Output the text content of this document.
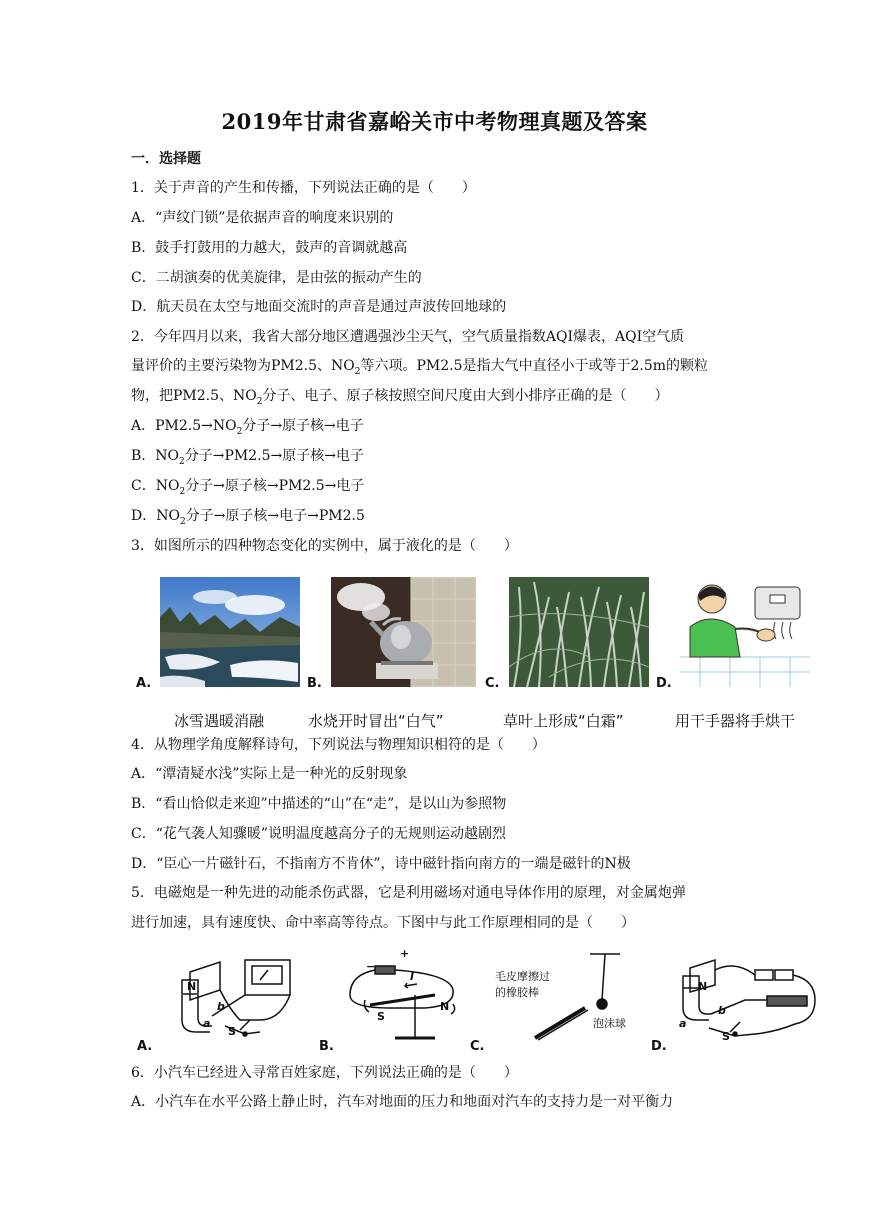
2019年甘肃省嘉峪关市中考物理真题及答案
一．选择题
1．关于声音的产生和传播，下列说法正确的是（　　）
A．“声纹门锁”是依据声音的响度来识别的
B．鼓手打鼓用的力越大，鼓声的音调就越高
C．二胡演奏的优美旋律，是由弦的振动产生的
D．航天员在太空与地面交流时的声音是通过声波传回地球的
2．今年四月以来，我省大部分地区遭遇强沙尘天气，空气质量指数AQI爆表，AQI空气质
量评价的主要污染物为PM2.5、$NO_2$等六项。PM2.5是指大气中直径小于或等于2.5m的颗粒
物，把PM2.5、$NO_2$分子、电子、原子核按照空间尺度由大到小排序正确的是（　　）
A．$PM2.5\to NO_2$分子→原子核→电子
B．$NO_2$分子→PM2.5→原子核→电子
C．$NO_2$分子→原子核→PM2.5→电子
D．$NO_2$分子→原子核→电子→PM2.5
3．如图所示的四种物态变化的实例中，属于液化的是（　　）
A.	B.	C.	D.
冰雪遇暖消融	水烧开时冒出“白气”	草叶上形成“白霜”	用干手器将手烘干
4．从物理学角度解释诗句，下列说法与物理知识相符的是（　　）
A．“潭清疑水浅”实际上是一种光的反射现象
B．“看山恰似走来迎”中描述的“山”在“走”，是以山为参照物
C．“花气袭人知骤暖”说明温度越高分子的无规则运动越剧烈
D．“臣心一片磁针石，不指南方不肯休”，诗中磁针指向南方的一端是磁针的N极
5．电磁炮是一种先进的动能杀伤武器，它是利用磁场对通电导体作用的原理，对金属炮弹
进行加速，具有速度快、命中率高等待点。下图中与此工作原理相同的是（　　）
N
a
b
S
A.
+
−
I
S
N
B.
毛皮摩擦过
的橡胶棒
泡沫球
C.
N
a
b
S
D.
6．小汽车已经进入寻常百姓家庭，下列说法正确的是（　　）
A．小汽车在水平公路上静止时，汽车对地面的压力和地面对汽车的支持力是一对平衡力
